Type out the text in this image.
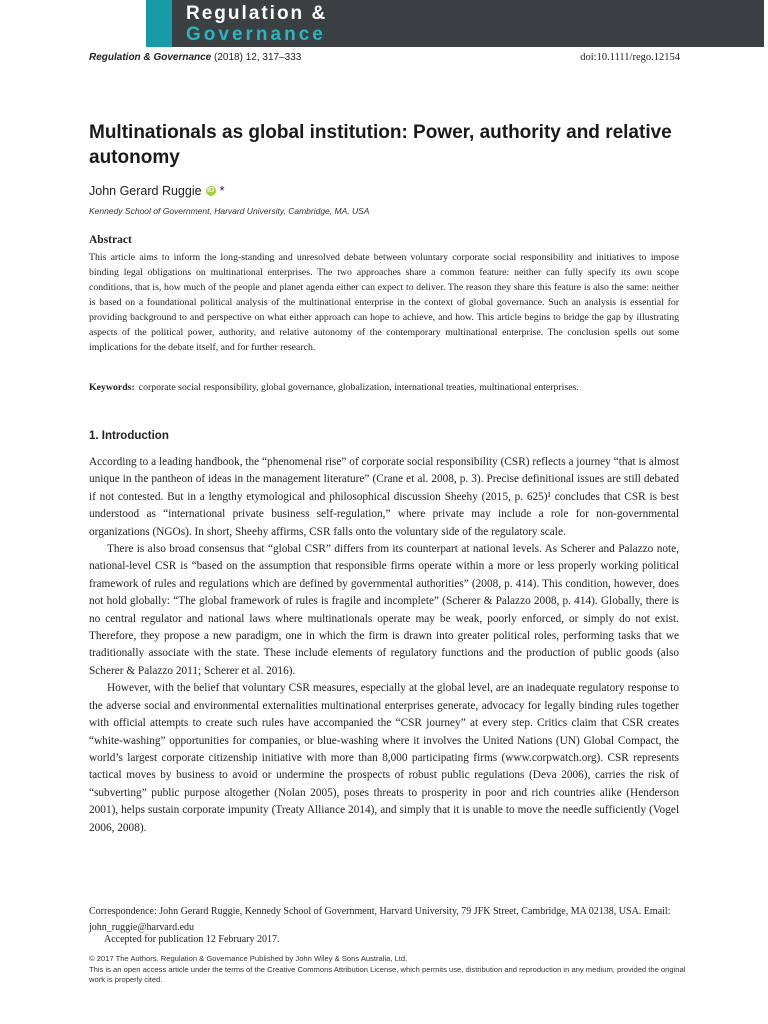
Regulation &
Governance
Regulation & Governance (2018) 12, 317–333	doi:10.1111/rego.12154
Multinationals as global institution: Power, authority and relative autonomy
John Gerard Ruggie iD *
Kennedy School of Government, Harvard University, Cambridge, MA, USA
Abstract
This article aims to inform the long-standing and unresolved debate between voluntary corporate social responsibility and initiatives to impose binding legal obligations on multinational enterprises. The two approaches share a common feature: neither can fully specify its own scope conditions, that is, how much of the people and planet agenda either can expect to deliver. The reason they share this feature is also the same: neither is based on a foundational political analysis of the multinational enterprise in the context of global governance. Such an analysis is essential for providing background to and perspective on what either approach can hope to achieve, and how. This article begins to bridge the gap by illustrating aspects of the political power, authority, and relative autonomy of the contemporary multinational enterprise. The conclusion spells out some implications for the debate itself, and for further research.
Keywords: corporate social responsibility, global governance, globalization, international treaties, multinational enterprises.
1. Introduction

According to a leading handbook, the “phenomenal rise” of corporate social responsibility (CSR) reflects a journey “that is almost unique in the pantheon of ideas in the management literature” (Crane et al. 2008, p. 3). Precise definitional issues are still debated if not contested. But in a lengthy etymological and philosophical discussion Sheehy (2015, p. 625)¹ concludes that CSR is best understood as “international private business self-regulation,” where private may include a role for non-governmental organizations (NGOs). In short, Sheehy affirms, CSR falls onto the voluntary side of the regulatory scale.

There is also broad consensus that “global CSR” differs from its counterpart at national levels. As Scherer and Palazzo note, national-level CSR is “based on the assumption that responsible firms operate within a more or less properly working political framework of rules and regulations which are defined by governmental authorities” (2008, p. 414). This condition, however, does not hold globally: “The global framework of rules is fragile and incomplete” (Scherer & Palazzo 2008, p. 414). Globally, there is no central regulator and national laws where multinationals operate may be weak, poorly enforced, or simply do not exist. Therefore, they propose a new paradigm, one in which the firm is drawn into greater political roles, performing tasks that we traditionally associate with the state. These include elements of regulatory functions and the production of public goods (also Scherer & Palazzo 2011; Scherer et al. 2016).

However, with the belief that voluntary CSR measures, especially at the global level, are an inadequate regulatory response to the adverse social and environmental externalities multinational enterprises generate, advocacy for legally binding rules together with official attempts to create such rules have accompanied the “CSR journey” at every step. Critics claim that CSR creates “white-washing” opportunities for companies, or blue-washing where it involves the United Nations (UN) Global Compact, the world’s largest corporate citizenship initiative with more than 8,000 participating firms (www.corpwatch.org). CSR represents tactical moves by business to avoid or undermine the prospects of robust public regulations (Deva 2006), carries the risk of “subverting” public purpose altogether (Nolan 2005), poses threats to prosperity in poor and rich countries alike (Henderson 2001), helps sustain corporate impunity (Treaty Alliance 2014), and simply that it is unable to move the needle sufficiently (Vogel 2006, 2008).

Correspondence: John Gerard Ruggie, Kennedy School of Government, Harvard University, 79 JFK Street, Cambridge, MA 02138, USA. Email: john_ruggie@harvard.edu
Accepted for publication 12 February 2017.
© 2017 The Authors. Regulation & Governance Published by John Wiley & Sons Australia, Ltd.
This is an open access article under the terms of the Creative Commons Attribution License, which permits use, distribution and reproduction in any medium, provided the original work is properly cited.
